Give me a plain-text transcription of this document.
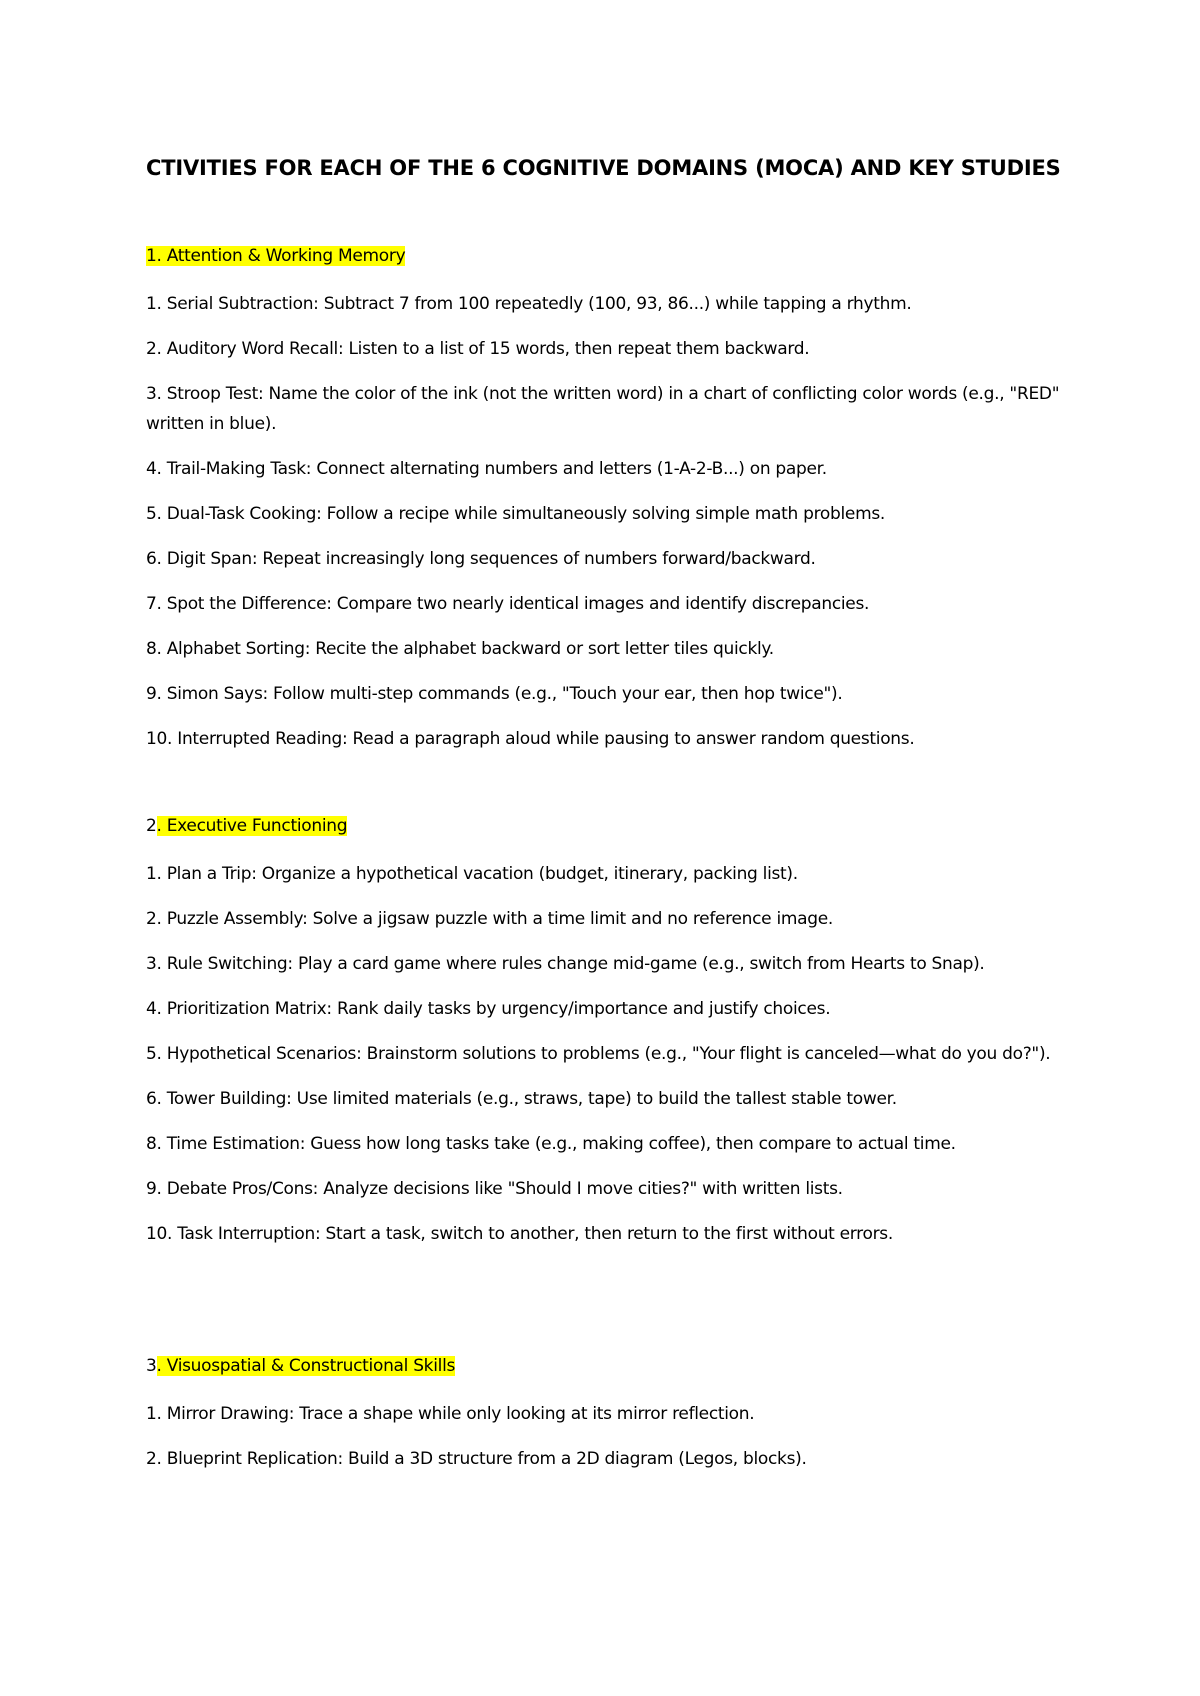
CTIVITIES FOR EACH OF THE 6 COGNITIVE DOMAINS (MOCA) AND KEY STUDIES
1. Attention & Working Memory
1. Serial Subtraction: Subtract 7 from 100 repeatedly (100, 93, 86...) while tapping a rhythm.
2. Auditory Word Recall: Listen to a list of 15 words, then repeat them backward.
3. Stroop Test: Name the color of the ink (not the written word) in a chart of conflicting color words (e.g., "RED" written in blue).
4. Trail-Making Task: Connect alternating numbers and letters (1-A-2-B...) on paper.
5. Dual-Task Cooking: Follow a recipe while simultaneously solving simple math problems.
6. Digit Span: Repeat increasingly long sequences of numbers forward/backward.
7. Spot the Difference: Compare two nearly identical images and identify discrepancies.
8. Alphabet Sorting: Recite the alphabet backward or sort letter tiles quickly.
9. Simon Says: Follow multi-step commands (e.g., "Touch your ear, then hop twice").
10. Interrupted Reading: Read a paragraph aloud while pausing to answer random questions.
2. Executive Functioning
1. Plan a Trip: Organize a hypothetical vacation (budget, itinerary, packing list).
2. Puzzle Assembly: Solve a jigsaw puzzle with a time limit and no reference image.
3. Rule Switching: Play a card game where rules change mid-game (e.g., switch from Hearts to Snap).
4. Prioritization Matrix: Rank daily tasks by urgency/importance and justify choices.
5. Hypothetical Scenarios: Brainstorm solutions to problems (e.g., "Your flight is canceled—what do you do?").
6. Tower Building: Use limited materials (e.g., straws, tape) to build the tallest stable tower.
8. Time Estimation: Guess how long tasks take (e.g., making coffee), then compare to actual time.
9. Debate Pros/Cons: Analyze decisions like "Should I move cities?" with written lists.
10. Task Interruption: Start a task, switch to another, then return to the first without errors.
3. Visuospatial & Constructional Skills
1. Mirror Drawing: Trace a shape while only looking at its mirror reflection.
2. Blueprint Replication: Build a 3D structure from a 2D diagram (Legos, blocks).
